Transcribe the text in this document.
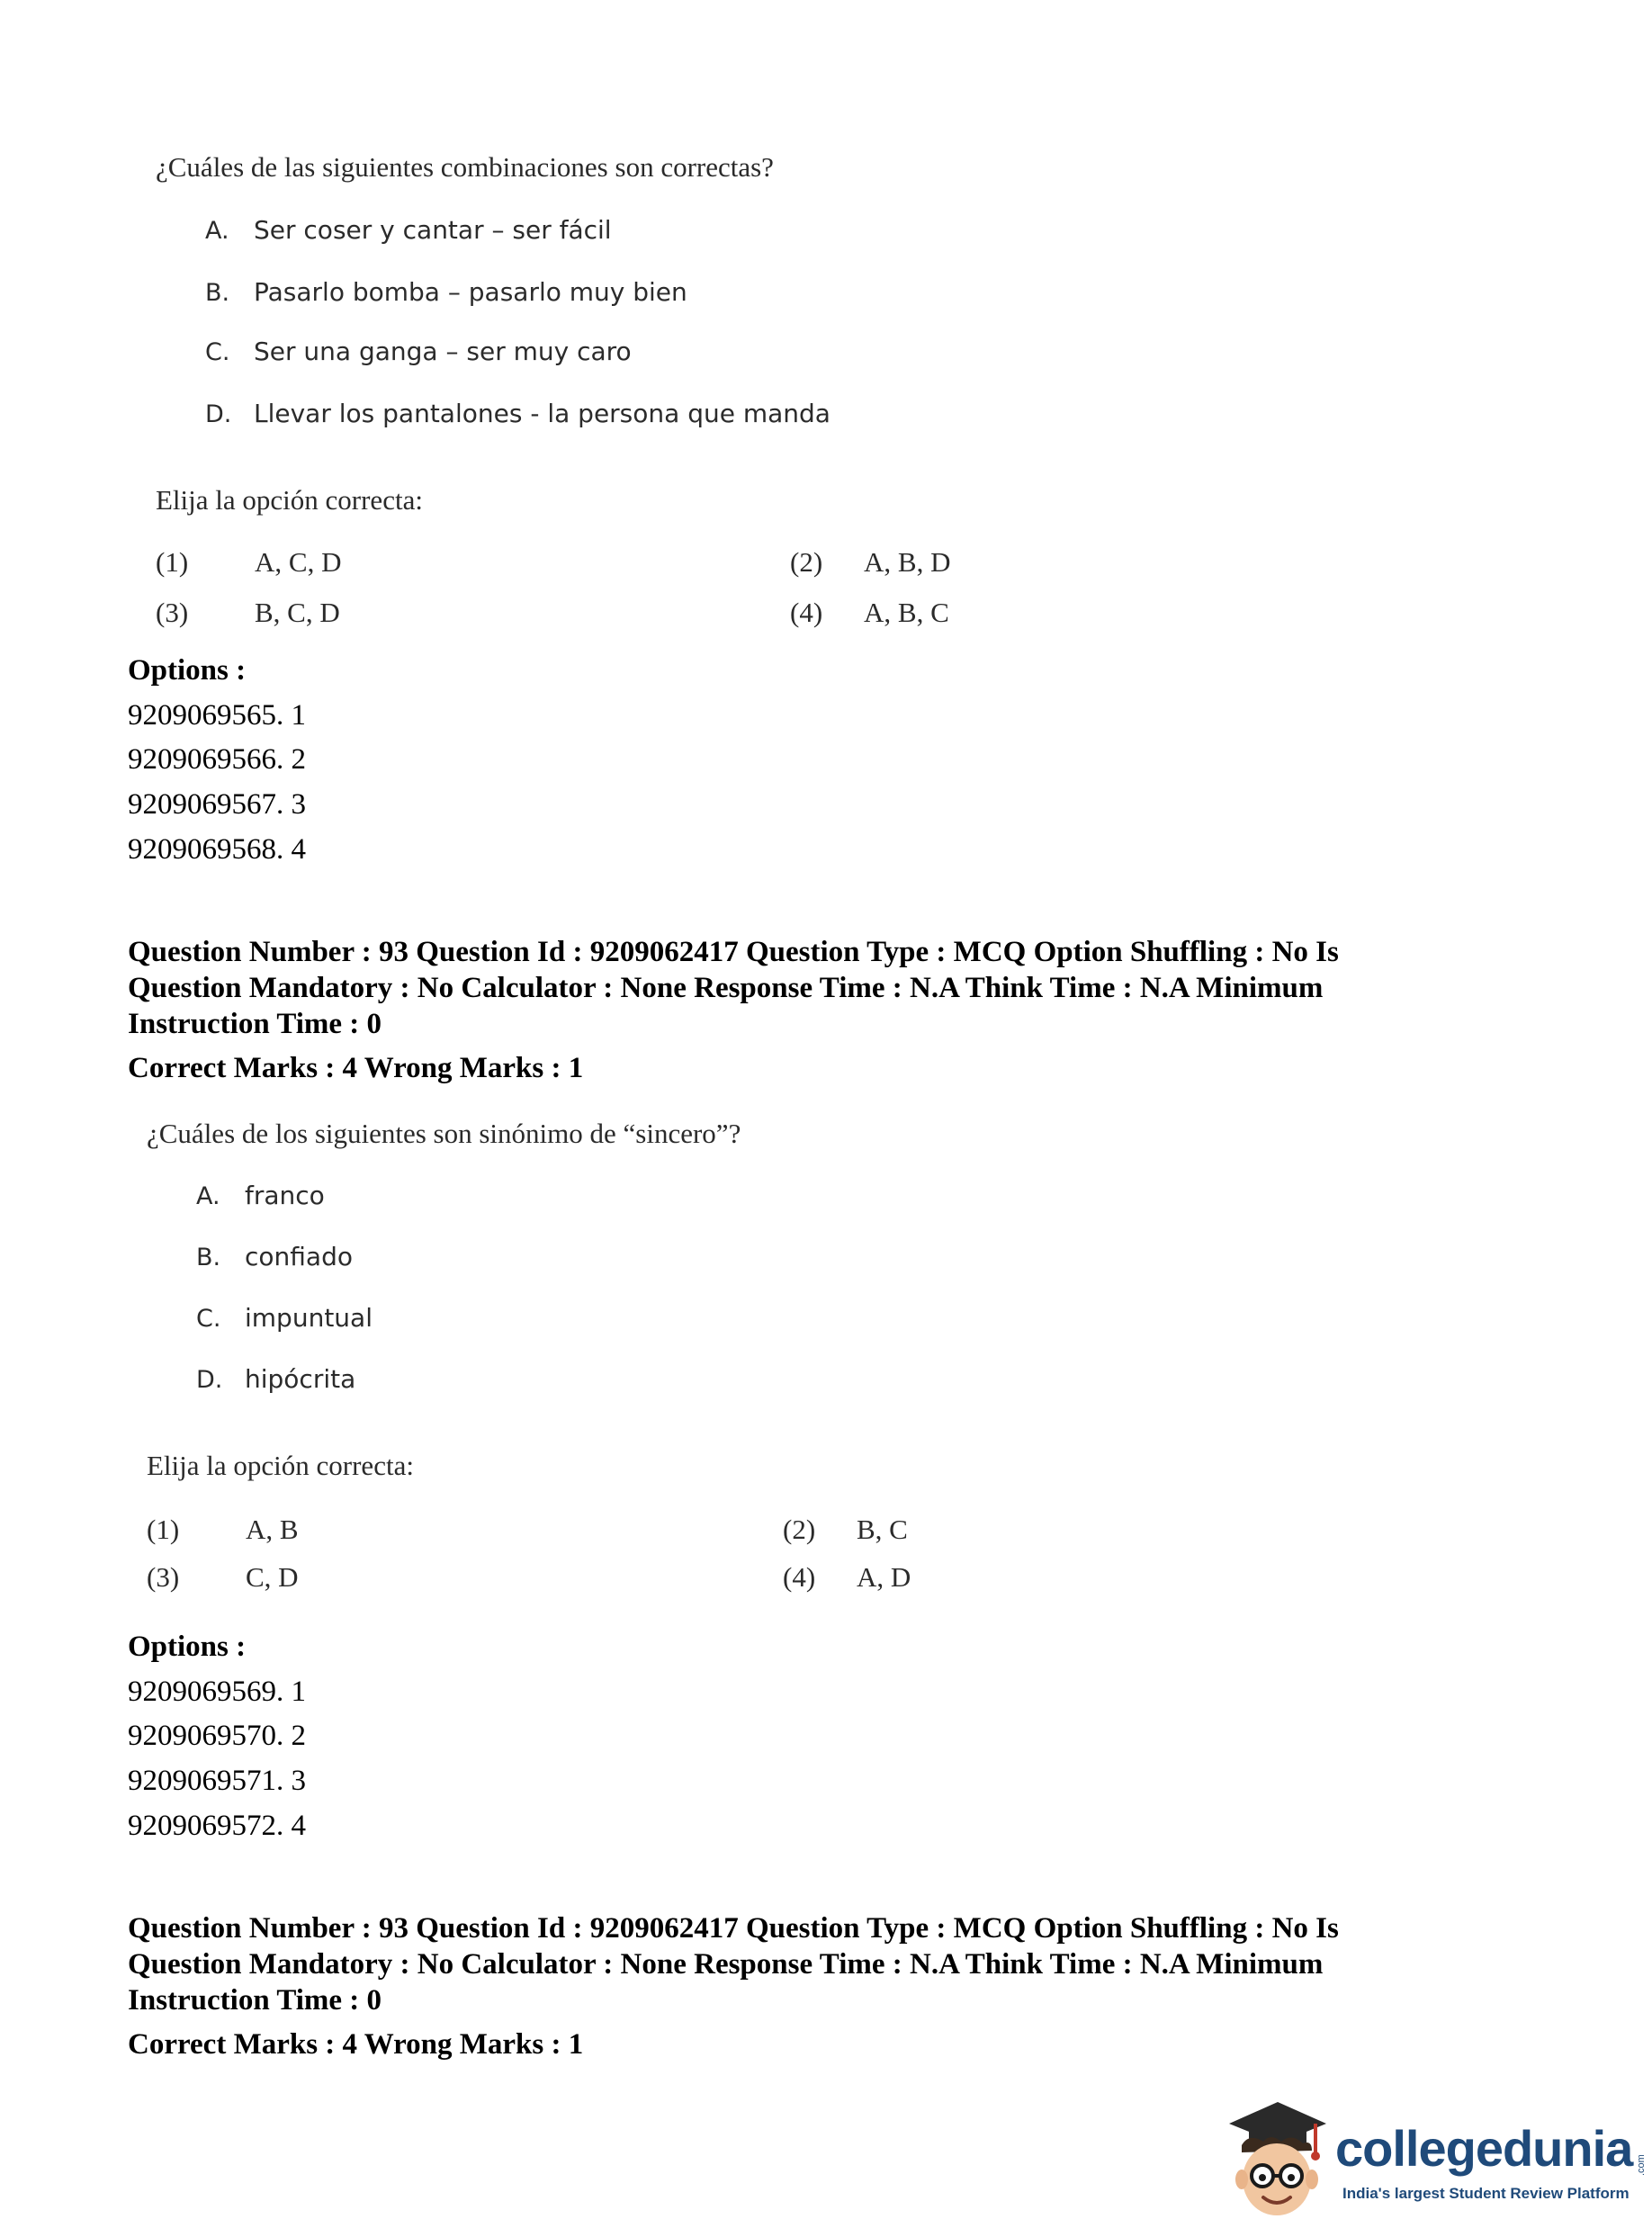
¿Cuáles de las siguientes combinaciones son correctas?
A. Ser coser y cantar – ser fácil
B. Pasarlo bomba – pasarlo muy bien
C. Ser una ganga – ser muy caro
D. Llevar los pantalones - la persona que manda
Elija la opción correcta:
(1) A, C, D	(2) A, B, D
(3) B, C, D	(4) A, B, C
Options :
9209069565. 1
9209069566. 2
9209069567. 3
9209069568. 4
Question Number : 93 Question Id : 9209062417 Question Type : MCQ Option Shuffling : No Is
Question Mandatory : No Calculator : None Response Time : N.A Think Time : N.A Minimum
Instruction Time : 0
Correct Marks : 4 Wrong Marks : 1
¿Cuáles de los siguientes son sinónimo de “sincero”?
A. franco
B. confiado
C. impuntual
D. hipócrita
Elija la opción correcta:
(1) A, B	(2) B, C
(3) C, D	(4) A, D
Options :
9209069569. 1
9209069570. 2
9209069571. 3
9209069572. 4
Question Number : 93 Question Id : 9209062417 Question Type : MCQ Option Shuffling : No Is
Question Mandatory : No Calculator : None Response Time : N.A Think Time : N.A Minimum
Instruction Time : 0
Correct Marks : 4 Wrong Marks : 1
collegedunia .com
India's largest Student Review Platform
